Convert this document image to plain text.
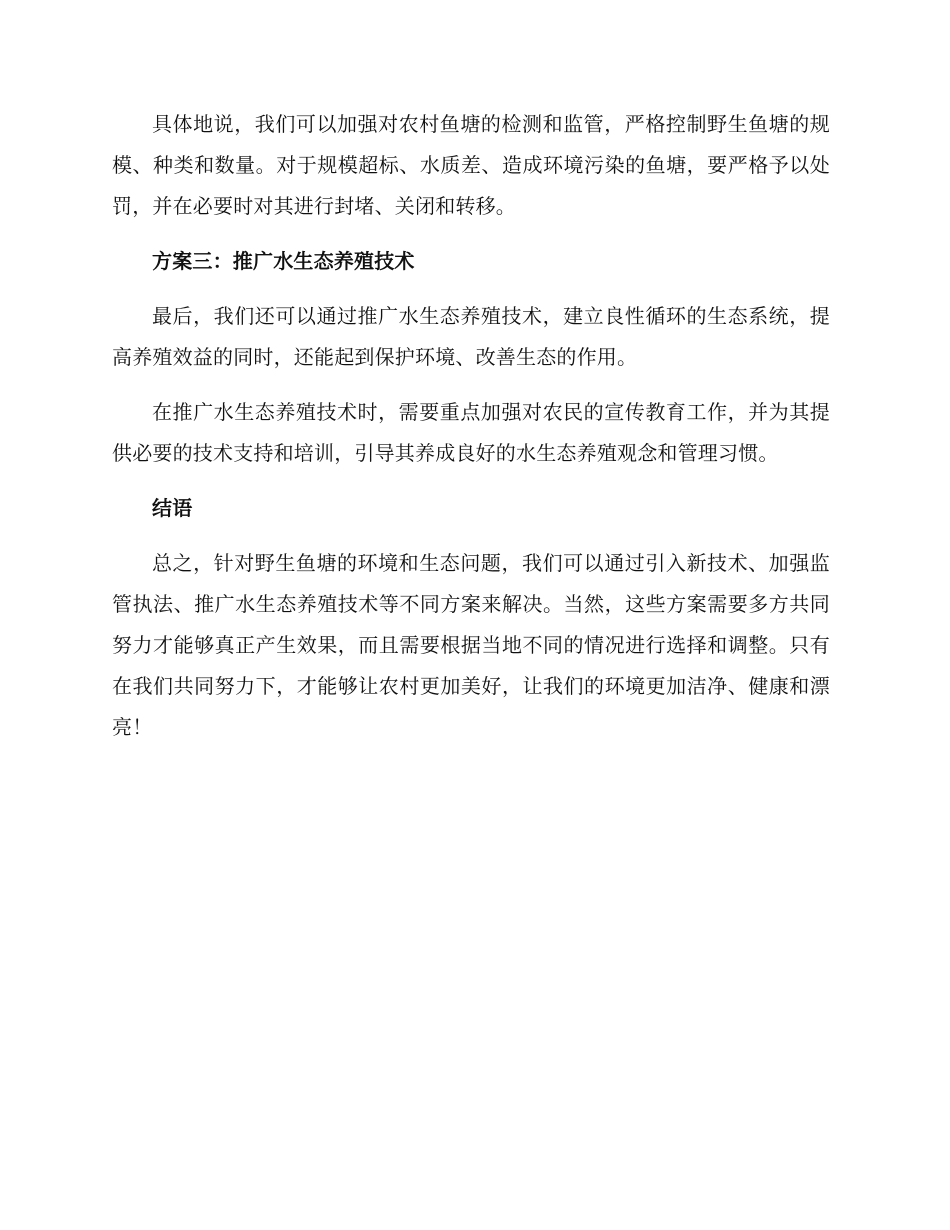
具体地说，我们可以加强对农村鱼塘的检测和监管，严格控制野生鱼塘的规模、种类和数量。对于规模超标、水质差、造成环境污染的鱼塘，要严格予以处罚，并在必要时对其进行封堵、关闭和转移。

方案三：推广水生态养殖技术

最后，我们还可以通过推广水生态养殖技术，建立良性循环的生态系统，提高养殖效益的同时，还能起到保护环境、改善生态的作用。

在推广水生态养殖技术时，需要重点加强对农民的宣传教育工作，并为其提供必要的技术支持和培训，引导其养成良好的水生态养殖观念和管理习惯。

结语

总之，针对野生鱼塘的环境和生态问题，我们可以通过引入新技术、加强监管执法、推广水生态养殖技术等不同方案来解决。当然，这些方案需要多方共同努力才能够真正产生效果，而且需要根据当地不同的情况进行选择和调整。只有在我们共同努力下，才能够让农村更加美好，让我们的环境更加洁净、健康和漂亮！
